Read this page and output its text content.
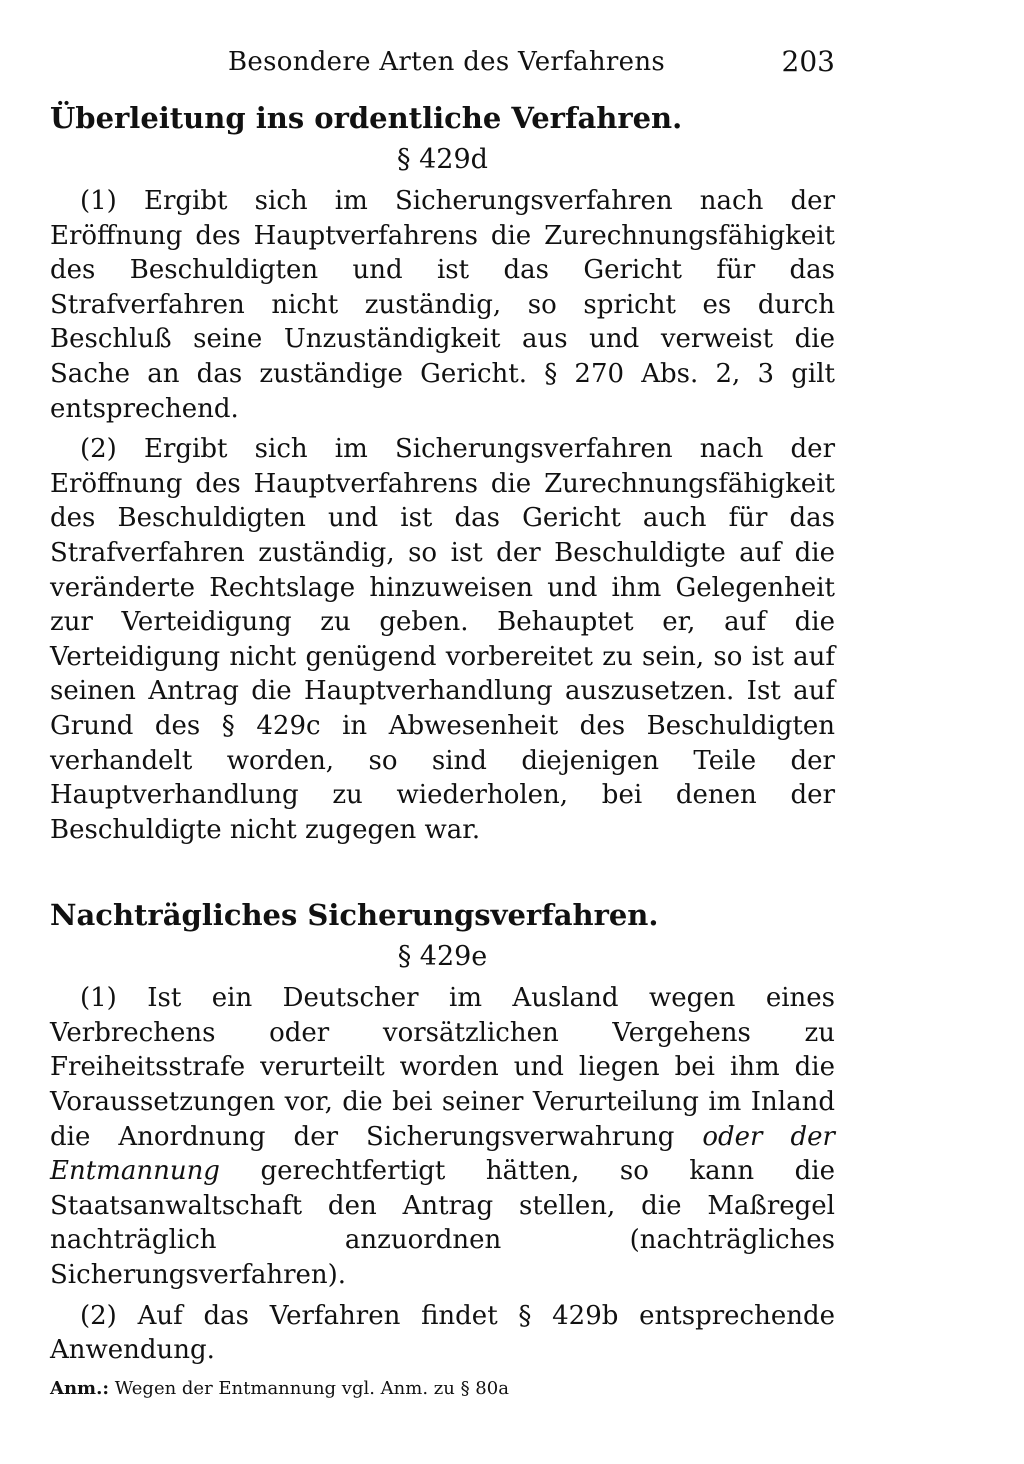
Besondere Arten des Verfahrens	203
Überleitung ins ordentliche Verfahren.
§ 429d

(1) Ergibt sich im Sicherungsverfahren nach der Eröffnung des Hauptverfahrens die Zurechnungsfähigkeit des Beschuldigten und ist das Gericht für das Strafverfahren nicht zuständig, so spricht es durch Beschluß seine Unzuständigkeit aus und verweist die Sache an das zuständige Gericht. § 270 Abs. 2, 3 gilt entsprechend.

(2) Ergibt sich im Sicherungsverfahren nach der Eröffnung des Hauptverfahrens die Zurechnungsfähigkeit des Beschuldigten und ist das Gericht auch für das Strafverfahren zuständig, so ist der Beschuldigte auf die veränderte Rechtslage hinzuweisen und ihm Gelegenheit zur Verteidigung zu geben. Behauptet er, auf die Verteidigung nicht genügend vorbereitet zu sein, so ist auf seinen Antrag die Hauptverhandlung auszusetzen. Ist auf Grund des § 429c in Abwesenheit des Beschuldigten verhandelt worden, so sind diejenigen Teile der Hauptverhandlung zu wiederholen, bei denen der Beschuldigte nicht zugegen war.

Nachträgliches Sicherungsverfahren.
§ 429e

(1) Ist ein Deutscher im Ausland wegen eines Verbrechens oder vorsätzlichen Vergehens zu Freiheitsstrafe verurteilt worden und liegen bei ihm die Voraussetzungen vor, die bei seiner Verurteilung im Inland die Anordnung der Sicherungsverwahrung oder der Entmannung gerechtfertigt hätten, so kann die Staatsanwaltschaft den Antrag stellen, die Maßregel nachträglich anzuordnen (nachträgliches Sicherungsverfahren).

(2) Auf das Verfahren findet § 429b entsprechende Anwendung.

Anm.: Wegen der Entmannung vgl. Anm. zu § 80a
